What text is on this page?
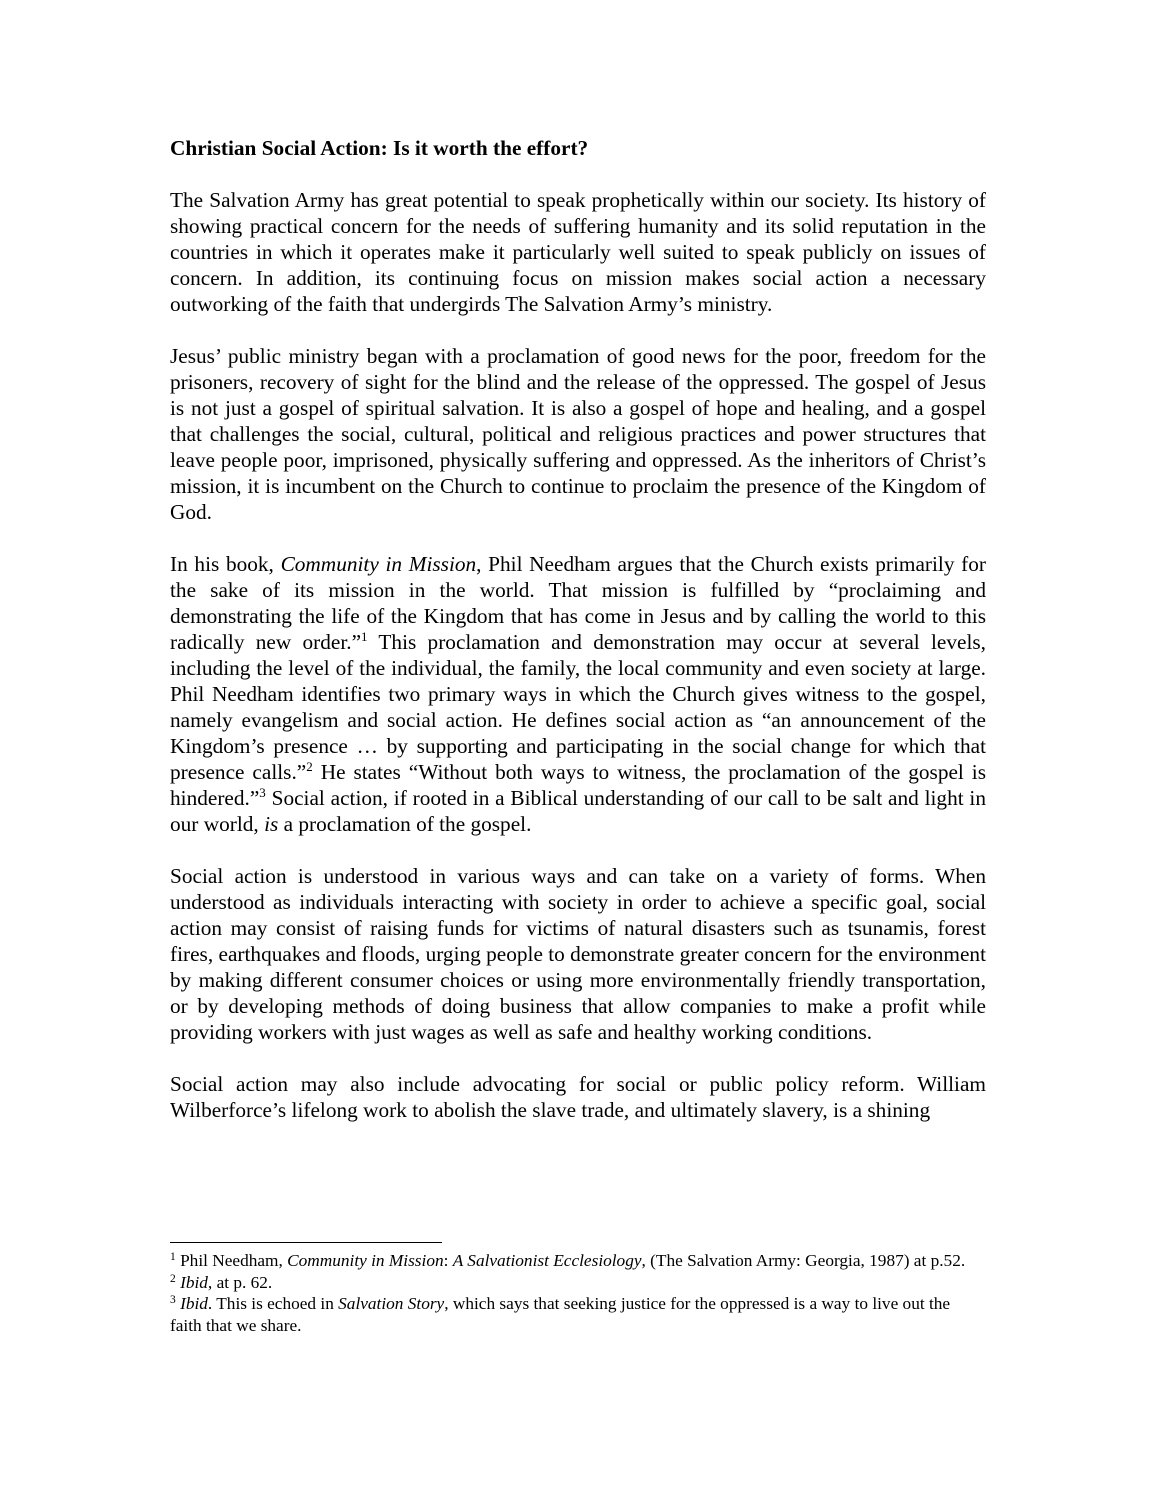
Christian Social Action: Is it worth the effort?

The Salvation Army has great potential to speak prophetically within our society. Its history of showing practical concern for the needs of suffering humanity and its solid reputation in the countries in which it operates make it particularly well suited to speak publicly on issues of concern. In addition, its continuing focus on mission makes social action a necessary outworking of the faith that undergirds The Salvation Army’s ministry.

Jesus’ public ministry began with a proclamation of good news for the poor, freedom for the prisoners, recovery of sight for the blind and the release of the oppressed. The gospel of Jesus is not just a gospel of spiritual salvation. It is also a gospel of hope and healing, and a gospel that challenges the social, cultural, political and religious practices and power structures that leave people poor, imprisoned, physically suffering and oppressed. As the inheritors of Christ’s mission, it is incumbent on the Church to continue to proclaim the presence of the Kingdom of God.

In his book, Community in Mission, Phil Needham argues that the Church exists primarily for the sake of its mission in the world. That mission is fulfilled by “proclaiming and demonstrating the life of the Kingdom that has come in Jesus and by calling the world to this radically new order.”$^1$ This proclamation and demonstration may occur at several levels, including the level of the individual, the family, the local community and even society at large. Phil Needham identifies two primary ways in which the Church gives witness to the gospel, namely evangelism and social action. He defines social action as “an announcement of the Kingdom’s presence … by supporting and participating in the social change for which that presence calls.”$^2$ He states “Without both ways to witness, the proclamation of the gospel is hindered.”$^3$ Social action, if rooted in a Biblical understanding of our call to be salt and light in our world, is a proclamation of the gospel.

Social action is understood in various ways and can take on a variety of forms. When understood as individuals interacting with society in order to achieve a specific goal, social action may consist of raising funds for victims of natural disasters such as tsunamis, forest fires, earthquakes and floods, urging people to demonstrate greater concern for the environment by making different consumer choices or using more environmentally friendly transportation, or by developing methods of doing business that allow companies to make a profit while providing workers with just wages as well as safe and healthy working conditions.

Social action may also include advocating for social or public policy reform. William Wilberforce’s lifelong work to abolish the slave trade, and ultimately slavery, is a shining

$^1$ Phil Needham, Community in Mission: A Salvationist Ecclesiology, (The Salvation Army: Georgia, 1987) at p.52.

$^2$ Ibid, at p. 62.

$^3$ Ibid. This is echoed in Salvation Story, which says that seeking justice for the oppressed is a way to live out the faith that we share.
